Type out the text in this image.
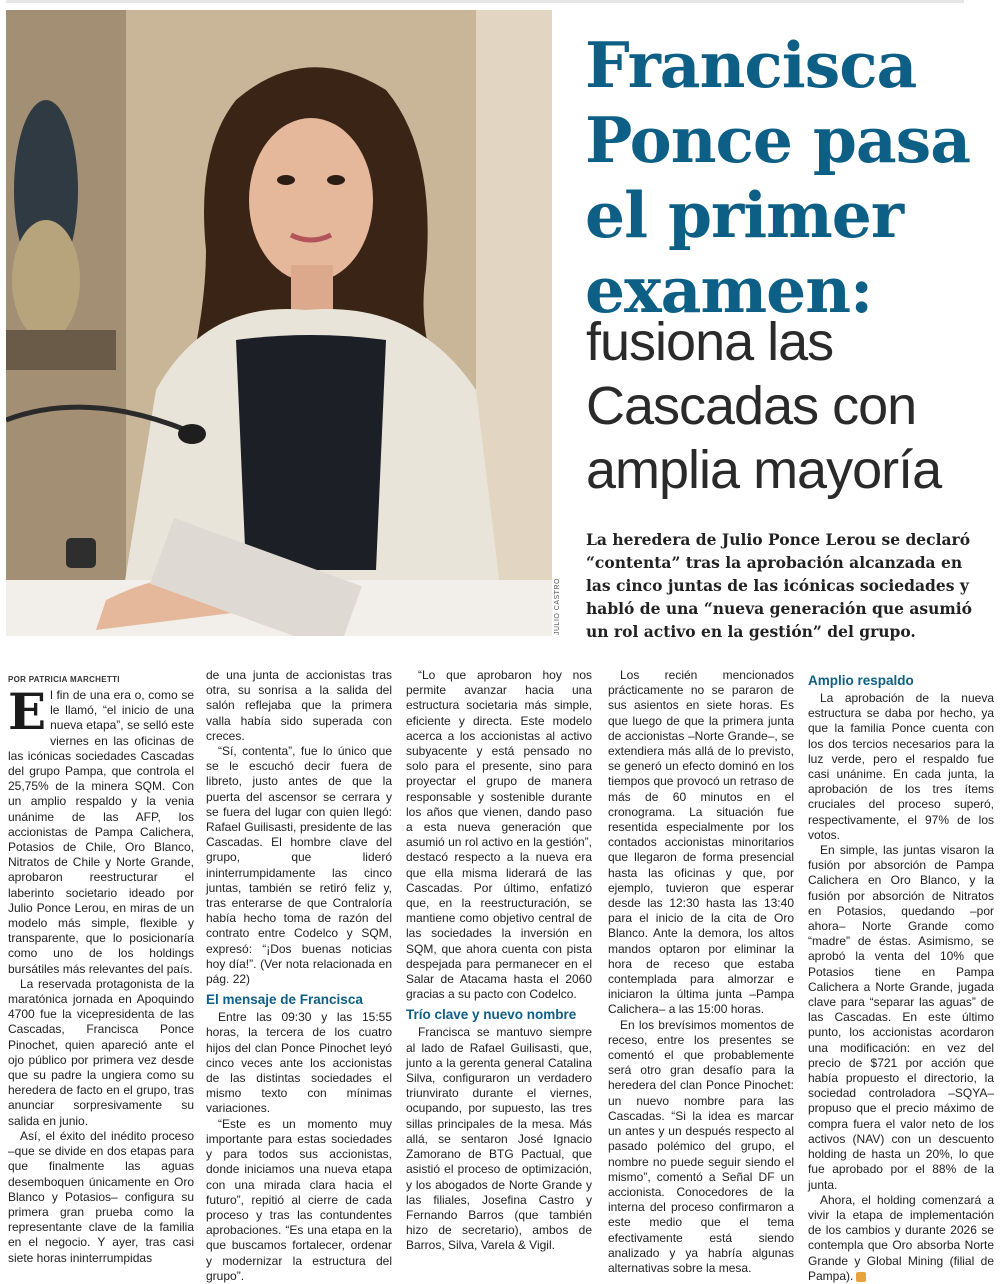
JULIO CASTRO
Francisca Ponce pasa el primer examen:
fusiona las Cascadas con amplia mayoría

La heredera de Julio Ponce Lerou se declaró “contenta” tras la aprobación alcanzada en las cinco juntas de las icónicas sociedades y habló de una “nueva generación que asumió un rol activo en la gestión” del grupo.

POR PATRICIA MARCHETTI

El fin de una era o, como se le llamó, “el inicio de una nueva etapa”, se selló este viernes en las oficinas de las icónicas sociedades Cascadas del grupo Pampa, que controla el 25,75% de la minera SQM. Con un amplio respaldo y la venia unánime de las AFP, los accionistas de Pampa Calichera, Potasios de Chile, Oro Blanco, Nitratos de Chile y Norte Grande, aprobaron reestructurar el laberinto societario ideado por Julio Ponce Lerou, en miras de un modelo más simple, flexible y transparente, que lo posicionaría como uno de los holdings bursátiles más relevantes del país.

La reservada protagonista de la maratónica jornada en Apoquindo 4700 fue la vicepresidenta de las Cascadas, Francisca Ponce Pinochet, quien apareció ante el ojo público por primera vez desde que su padre la ungiera como su heredera de facto en el grupo, tras anunciar sorpresivamente su salida en junio.

Así, el éxito del inédito proceso –que se divide en dos etapas para que finalmente las aguas desemboquen únicamente en Oro Blanco y Potasios– configura su primera gran prueba como la representante clave de la familia en el negocio. Y ayer, tras casi siete horas ininterrumpidas

de una junta de accionistas tras otra, su sonrisa a la salida del salón reflejaba que la primera valla había sido superada con creces.

“Sí, contenta”, fue lo único que se le escuchó decir fuera de libreto, justo antes de que la puerta del ascensor se cerrara y se fuera del lugar con quien llegó: Rafael Guilisasti, presidente de las Cascadas. El hombre clave del grupo, que lideró ininterrumpidamente las cinco juntas, también se retiró feliz y, tras enterarse de que Contraloría había hecho toma de razón del contrato entre Codelco y SQM, expresó: “¡Dos buenas noticias hoy día!”. (Ver nota relacionada en pág. 22)

El mensaje de Francisca

Entre las 09:30 y las 15:55 horas, la tercera de los cuatro hijos del clan Ponce Pinochet leyó cinco veces ante los accionistas de las distintas sociedades el mismo texto con mínimas variaciones.

“Este es un momento muy importante para estas sociedades y para todos sus accionistas, donde iniciamos una nueva etapa con una mirada clara hacia el futuro”, repitió al cierre de cada proceso y tras las contundentes aprobaciones. “Es una etapa en la que buscamos fortalecer, ordenar y modernizar la estructura del grupo”.

“Lo que aprobaron hoy nos permite avanzar hacia una estructura societaria más simple, eficiente y directa. Este modelo acerca a los accionistas al activo subyacente y está pensado no solo para el presente, sino para proyectar el grupo de manera responsable y sostenible durante los años que vienen, dando paso a esta nueva generación que asumió un rol activo en la gestión”, destacó respecto a la nueva era que ella misma liderará de las Cascadas. Por último, enfatizó que, en la reestructuración, se mantiene como objetivo central de las sociedades la inversión en SQM, que ahora cuenta con pista despejada para permanecer en el Salar de Atacama hasta el 2060 gracias a su pacto con Codelco.

Trío clave y nuevo nombre

Francisca se mantuvo siempre al lado de Rafael Guilisasti, que, junto a la gerenta general Catalina Silva, configuraron un verdadero triunvirato durante el viernes, ocupando, por supuesto, las tres sillas principales de la mesa. Más allá, se sentaron José Ignacio Zamorano de BTG Pactual, que asistió el proceso de optimización, y los abogados de Norte Grande y las filiales, Josefina Castro y Fernando Barros (que también hizo de secretario), ambos de Barros, Silva, Varela & Vigil.

Los recién mencionados prácticamente no se pararon de sus asientos en siete horas. Es que luego de que la primera junta de accionistas –Norte Grande–, se extendiera más allá de lo previsto, se generó un efecto dominó en los tiempos que provocó un retraso de más de 60 minutos en el cronograma. La situación fue resentida especialmente por los contados accionistas minoritarios que llegaron de forma presencial hasta las oficinas y que, por ejemplo, tuvieron que esperar desde las 12:30 hasta las 13:40 para el inicio de la cita de Oro Blanco. Ante la demora, los altos mandos optaron por eliminar la hora de receso que estaba contemplada para almorzar e iniciaron la última junta –Pampa Calichera– a las 15:00 horas.

En los brevísimos momentos de receso, entre los presentes se comentó el que probablemente será otro gran desafío para la heredera del clan Ponce Pinochet: un nuevo nombre para las Cascadas. “Si la idea es marcar un antes y un después respecto al pasado polémico del grupo, el nombre no puede seguir siendo el mismo”, comentó a Señal DF un accionista. Conocedores de la interna del proceso confirmaron a este medio que el tema efectivamente está siendo analizado y ya habría algunas alternativas sobre la mesa.

Amplio respaldo

La aprobación de la nueva estructura se daba por hecho, ya que la familia Ponce cuenta con los dos tercios necesarios para la luz verde, pero el respaldo fue casi unánime. En cada junta, la aprobación de los tres ítems cruciales del proceso superó, respectivamente, el 97% de los votos.

En simple, las juntas visaron la fusión por absorción de Pampa Calichera en Oro Blanco, y la fusión por absorción de Nitratos en Potasios, quedando –por ahora– Norte Grande como “madre” de éstas. Asimismo, se aprobó la venta del 10% que Potasios tiene en Pampa Calichera a Norte Grande, jugada clave para “separar las aguas” de las Cascadas. En este último punto, los accionistas acordaron una modificación: en vez del precio de $721 por acción que había propuesto el directorio, la sociedad controladora –SQYA– propuso que el precio máximo de compra fuera el valor neto de los activos (NAV) con un descuento holding de hasta un 20%, lo que fue aprobado por el 88% de la junta.

Ahora, el holding comenzará a vivir la etapa de implementación de los cambios y durante 2026 se contempla que Oro absorba Norte Grande y Global Mining (filial de Pampa).
